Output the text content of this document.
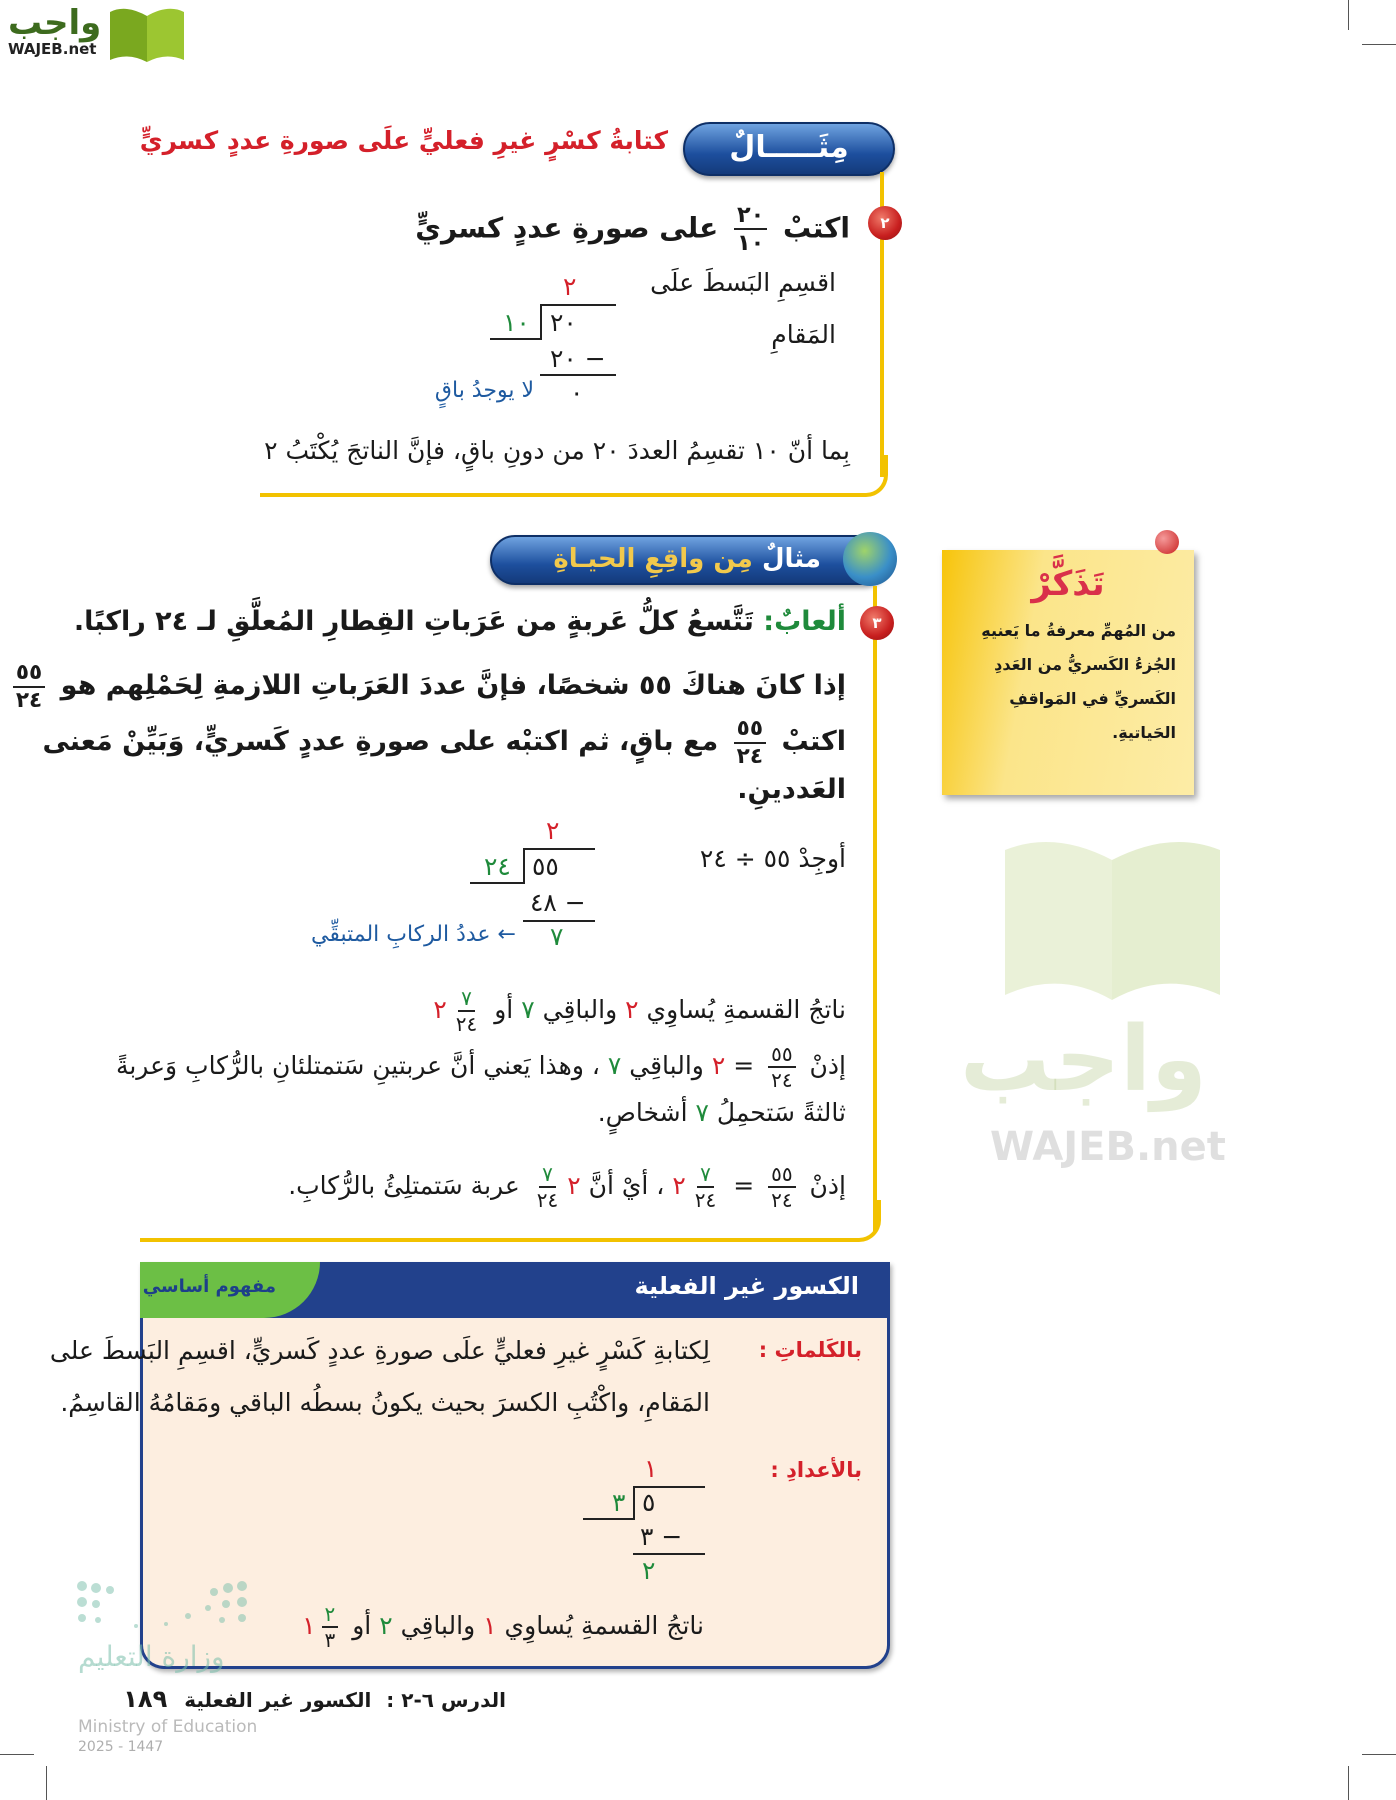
واجب
WAJEB.net
مِثَـــــالٌ
كتابةُ كسْرٍ غيرِ فعليٍّ علَى صورةِ عددٍ كسريٍّ
٢
اكتبْ
$\frac{٢٠}{١٠}$
على صورةِ عددٍ كسريٍّ
اقسِمِ البَسطَ علَى
المَقامِ
٢
٢٠
١٠
٢٠ −
٠
لا يوجدُ باقٍ
بِما أنّ ١٠ تقسِمُ العددَ ٢٠ من دونِ باقٍ، فإنَّ الناتجَ يُكْتَبُ ٢
مثالٌ مِن واقِعِ الحيـاةِ
٣
ألعابٌ: تَتَّسعُ كلُّ عَربةٍ من عَرَباتِ القِطارِ المُعلَّقِ لـ ٢٤ راكبًا.
إذا كانَ هناكَ ٥٥ شخصًا، فإنَّ عددَ العَرَباتِ اللازمةِ لِحَمْلِهم هو
$\frac{٥٥}{٢٤}$
اكتبْ
$\frac{٥٥}{٢٤}$
مع باقٍ، ثم اكتبْه على صورةِ عددٍ كَسريٍّ، وَبَيِّنْ مَعنى
العَددينِ.
واجب
WAJEB.net
أوجِدْ ٥٥ ÷ ٢٤
٢
٥٥
٢٤
٤٨ −
٧
← عددُ الركابِ المتبقِّي
ناتجُ القسمةِ يُساوِي ٢ والباقِي ٧ أو
$\frac{٧}{٢٤}$
٢
إذنْ
$\frac{٥٥}{٢٤}$
= ٢ والباقِي ٧ ، وهذا يَعني أنَّ عربتينِ سَتمتلئانِ بالرُّكابِ وَعربةً
ثالثةً سَتحمِلُ ٧ أشخاصٍ.
إذنْ
$\frac{٥٥}{٢٤}$
=
$\frac{٧}{٢٤}$
٢ ، أيْ أنَّ ٢
$\frac{٧}{٢٤}$
عربة سَتمتلِئُ بالرُّكابِ.
تَذَكَّرْ
من المُهمِّ معرفةُ ما يَعنيهِ
الجُزءُ الكَسريُّ من العَددِ
الكَسريِّ في المَواقفِ
الحَياتيةِ.
الكسور غير الفعلية
مفهوم أساسي
بالكَلماتِ :
لِكتابةِ كَسْرٍ غيرِ فعليٍّ علَى صورةِ عددٍ كَسريٍّ، اقسِمِ البَسطَ على
المَقامِ، واكْتُبِ الكسرَ بحيث يكونُ بسطُه الباقي ومَقامُهُ القاسِمُ.
بالأعدادِ :
١
٥
٣
٣ −
٢
ناتجُ القسمةِ يُساوِي ١ والباقِي ٢ أو
$\frac{٢}{٣}$
١
وزارة التعليم
Ministry of Education
2025 - 1447
الدرس ٦-٢ : الكسور غير الفعلية ١٨٩
